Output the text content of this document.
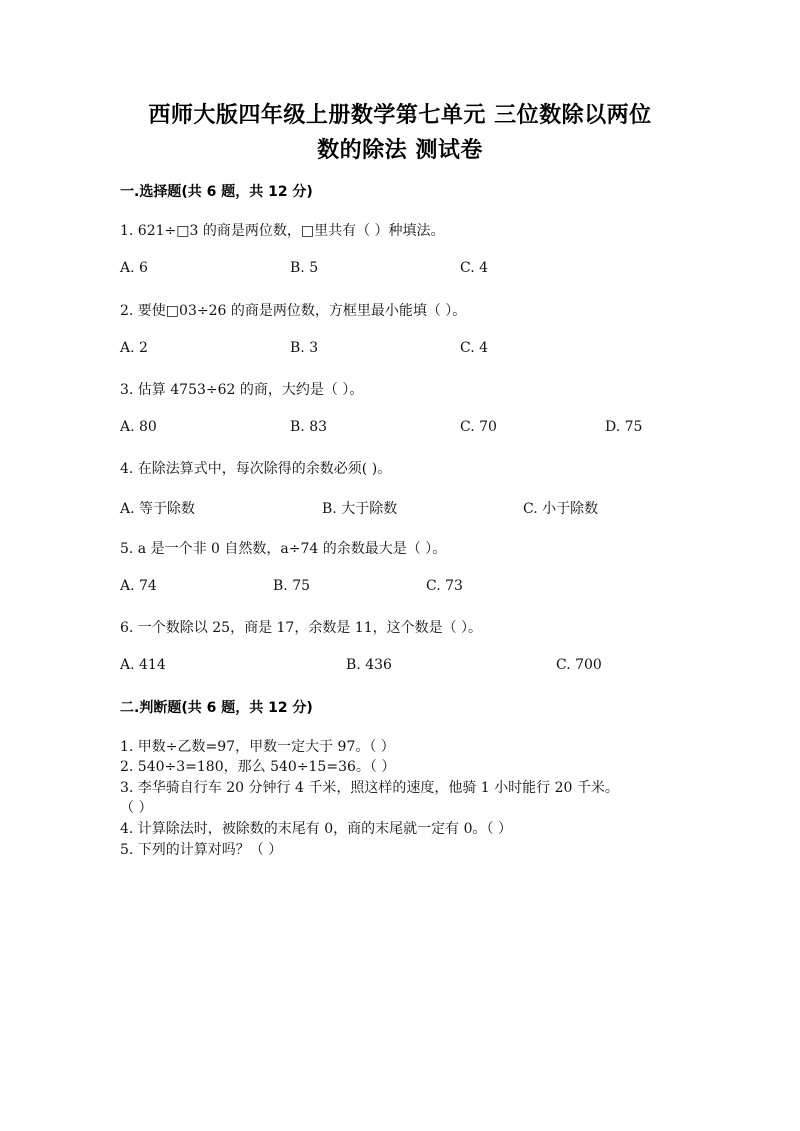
西师大版四年级上册数学第七单元 三位数除以两位
数的除法 测试卷
一.选择题(共 6 题，共 12 分)
1. 621÷□3 的商是两位数，□里共有（ ）种填法。
A. 6	B. 5	C. 4
2. 要使□03÷26 的商是两位数，方框里最小能填（ ）。
A. 2	B. 3	C. 4
3. 估算 4753÷62 的商，大约是（ ）。
A. 80	B. 83	C. 70	D. 75
4. 在除法算式中，每次除得的余数必须( )。
A. 等于除数	B. 大于除数	C. 小于除数
5. a 是一个非 0 自然数，a÷74 的余数最大是（ ）。
A. 74	B. 75	C. 73
6. 一个数除以 25，商是 17，余数是 11，这个数是（ ）。
A. 414	B. 436	C. 700
二.判断题(共 6 题，共 12 分)
1. 甲数÷乙数=97，甲数一定大于 97。（ ）
2. 540÷3=180，那么 540÷15=36。（ ）
3. 李华骑自行车 20 分钟行 4 千米，照这样的速度，他骑 1 小时能行 20 千米。
（ ）
4. 计算除法时，被除数的末尾有 0，商的末尾就一定有 0。（ ）
5. 下列的计算对吗？（ ）
